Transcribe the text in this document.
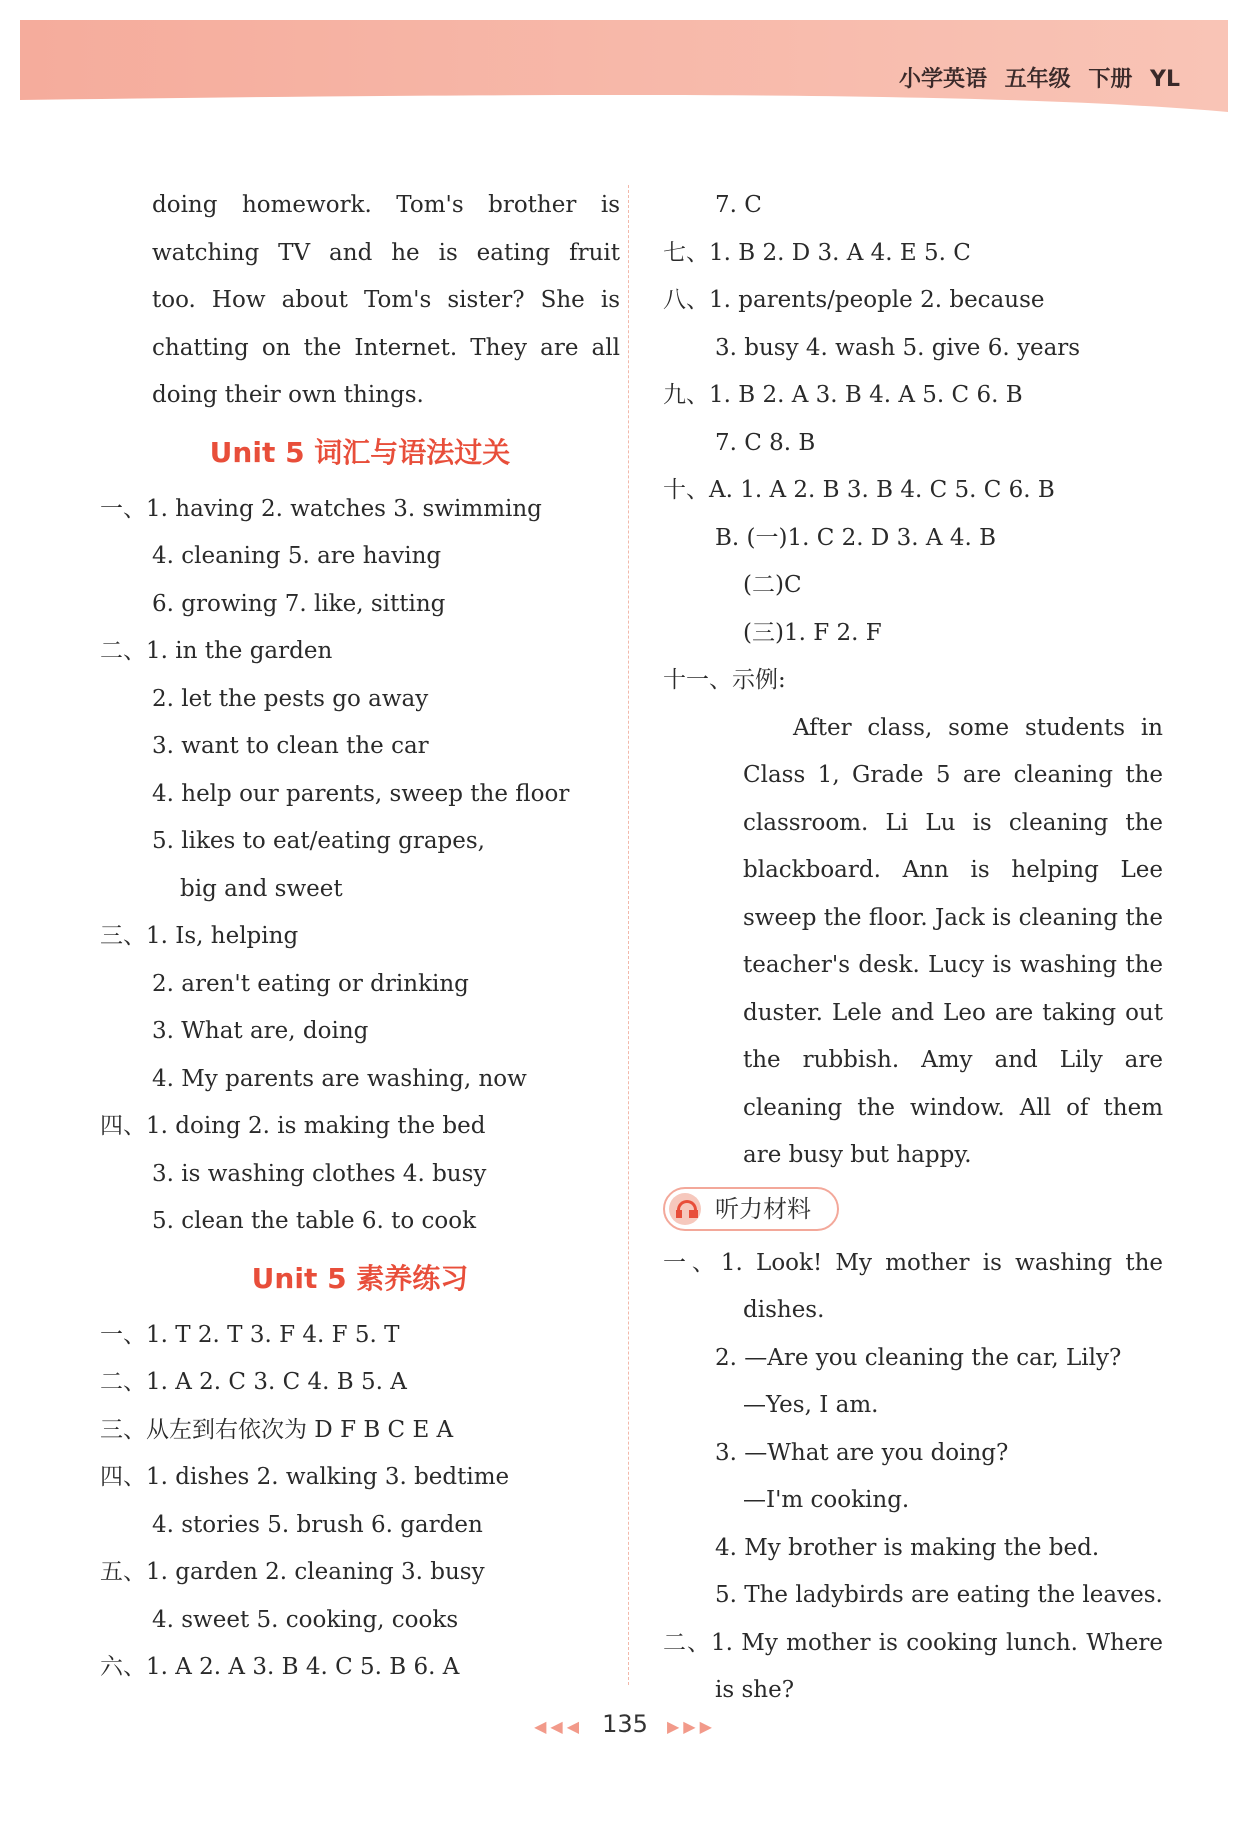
小学英语 五年级 下册 YL
doing homework. Tom's brother is
watching TV and he is eating fruit
too. How about Tom's sister? She is
chatting on the Internet. They are all
doing their own things.
Unit 5 词汇与语法过关
一、1. having 2. watches 3. swimming
4. cleaning 5. are having
6. growing 7. like, sitting
二、1. in the garden
2. let the pests go away
3. want to clean the car
4. help our parents, sweep the floor
5. likes to eat/eating grapes,
big and sweet
三、1. Is, helping
2. aren't eating or drinking
3. What are, doing
4. My parents are washing, now
四、1. doing 2. is making the bed
3. is washing clothes 4. busy
5. clean the table 6. to cook
Unit 5 素养练习
一、1. T 2. T 3. F 4. F 5. T
二、1. A 2. C 3. C 4. B 5. A
三、从左到右依次为 D F B C E A
四、1. dishes 2. walking 3. bedtime
4. stories 5. brush 6. garden
五、1. garden 2. cleaning 3. busy
4. sweet 5. cooking, cooks
六、1. A 2. A 3. B 4. C 5. B 6. A
7. C
七、1. B 2. D 3. A 4. E 5. C
八、1. parents/people 2. because
3. busy 4. wash 5. give 6. years
九、1. B 2. A 3. B 4. A 5. C 6. B
7. C 8. B
十、A. 1. A 2. B 3. B 4. C 5. C 6. B
B. (一)1. C 2. D 3. A 4. B
(二)C
(三)1. F 2. F
十一、示例:
After class, some students in
Class 1, Grade 5 are cleaning the
classroom. Li Lu is cleaning the
blackboard. Ann is helping Lee
sweep the floor. Jack is cleaning the
teacher's desk. Lucy is washing the
duster. Lele and Leo are taking out
the rubbish. Amy and Lily are
cleaning the window. All of them
are busy but happy.
听力材料
一、1. Look! My mother is washing the
dishes.
2. —Are you cleaning the car, Lily?
—Yes, I am.
3. —What are you doing?
—I'm cooking.
4. My brother is making the bed.
5. The ladybirds are eating the leaves.
二、1. My mother is cooking lunch. Where
is she?
◀◀◀ 135 ▶▶▶
